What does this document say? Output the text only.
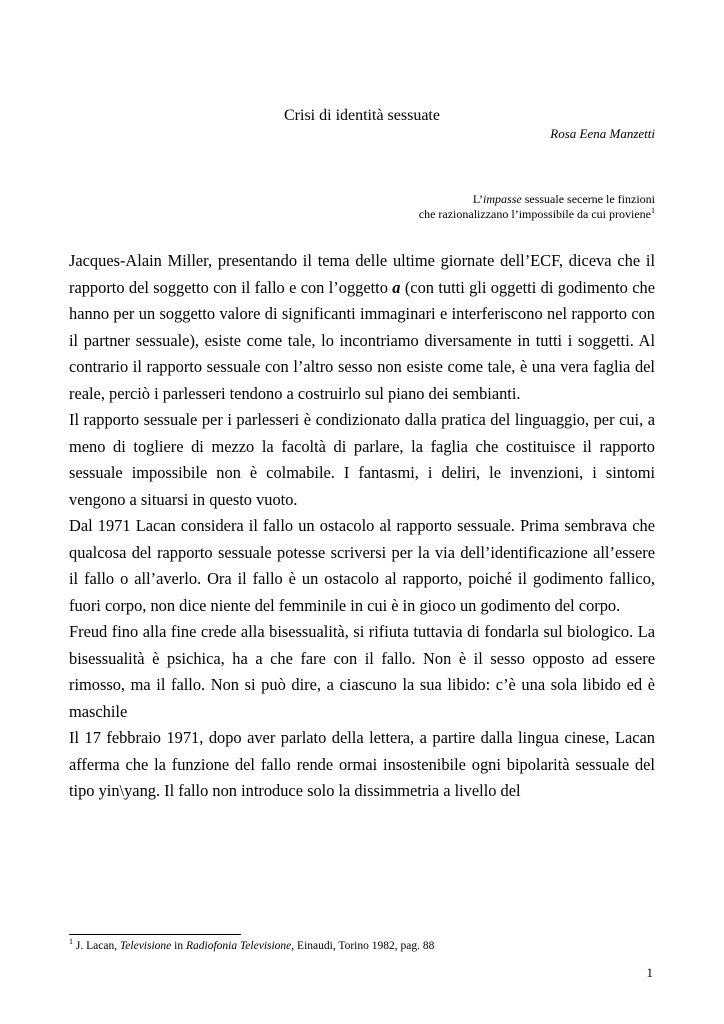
Crisi di identità sessuate
Rosa Eena Manzetti
L’impasse sessuale secerne le finzioni
che razionalizzano l’impossibile da cui proviene$^1$

Jacques-Alain Miller, presentando il tema delle ultime giornate dell’ECF, diceva che il rapporto del soggetto con il fallo e con l’oggetto a (con tutti gli oggetti di godimento che hanno per un soggetto valore di significanti immaginari e interferiscono nel rapporto con il partner sessuale), esiste come tale, lo incontriamo diversamente in tutti i soggetti. Al contrario il rapporto sessuale con l’altro sesso non esiste come tale, è una vera faglia del reale, perciò i parlesseri tendono a costruirlo sul piano dei sembianti.

Il rapporto sessuale per i parlesseri è condizionato dalla pratica del linguaggio, per cui, a meno di togliere di mezzo la facoltà di parlare, la faglia che costituisce il rapporto sessuale impossibile non è colmabile. I fantasmi, i deliri, le invenzioni, i sintomi vengono a situarsi in questo vuoto.

Dal 1971 Lacan considera il fallo un ostacolo al rapporto sessuale. Prima sembrava che qualcosa del rapporto sessuale potesse scriversi per la via dell’identificazione all’essere il fallo o all’averlo. Ora il fallo è un ostacolo al rapporto, poiché il godimento fallico, fuori corpo, non dice niente del femminile in cui è in gioco un godimento del corpo.

Freud fino alla fine crede alla bisessualità, si rifiuta tuttavia di fondarla sul biologico. La bisessualità è psichica, ha a che fare con il fallo. Non è il sesso opposto ad essere rimosso, ma il fallo. Non si può dire, a ciascuno la sua libido: c’è una sola libido ed è maschile

Il 17 febbraio 1971, dopo aver parlato della lettera, a partire dalla lingua cinese, Lacan afferma che la funzione del fallo rende ormai insostenibile ogni bipolarità sessuale del tipo yin\yang. Il fallo non introduce solo la dissimmetria a livello del

$^1$ J. Lacan, Televisione in Radiofonia Televisione, Einaudi, Torino 1982, pag. 88
1
